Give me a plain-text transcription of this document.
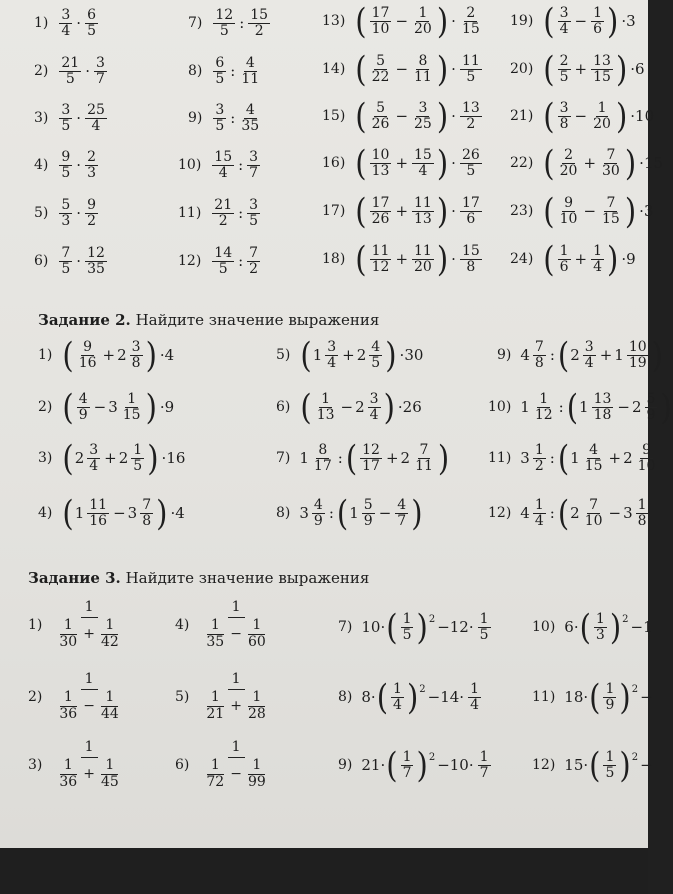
$1) \frac{3}{4} \cdot \frac{6}{5}$
$2) \frac{21}{5} \cdot \frac{3}{7}$
$3) \frac{3}{5} \cdot \frac{25}{4}$
$4) \frac{9}{5} \cdot \frac{2}{3}$
$5) \frac{5}{3} \cdot \frac{9}{2}$
$6) \frac{7}{5} \cdot \frac{12}{35}$
$7) \frac{12}{5}$ : $\frac{15}{2}$
$8) \frac{6}{5}$ : $\frac{4}{11}$
$9) \frac{3}{5}$ : $\frac{4}{35}$
$10) \frac{15}{4}$ : $\frac{3}{7}$
$11) \frac{21}{2}$ : $\frac{3}{5}$
$12) \frac{14}{5}$ : $\frac{7}{2}$
13) ( $\frac{17}{10} - \frac{1}{20}$ ) · $\frac{2}{15}$
14) ( $\frac{5}{22} - \frac{8}{11}$ ) · $\frac{11}{5}$
15) ( $\frac{5}{26} - \frac{3}{25}$ ) · $\frac{13}{2}$
16) ( $\frac{10}{13} + \frac{15}{4}$ ) · $\frac{26}{5}$
17) ( $\frac{17}{26} + \frac{11}{13}$ ) · $\frac{17}{6}$
18) ( $\frac{11}{12} + \frac{11}{20}$ ) · $\frac{15}{8}$
19) ( $\frac{3}{4} - \frac{1}{6}$ ) ·3
20) ( $\frac{2}{5} + \frac{13}{15}$ ) ·6
21) ( $\frac{3}{8} - \frac{1}{20}$ ) ·10
22) ( $\frac{2}{20} + \frac{7}{30}$ ) ·15
23) ( $\frac{9}{10} - \frac{7}{15}$ ) ·3
24) ( $\frac{1}{6} + \frac{1}{4}$ ) ·9
Задание 2. Найдите значение выражения
1) ( $\frac{9}{16} + 2 \frac{3}{8}$ ) ·4
2) ( $\frac{4}{9} - 3 \frac{1}{15}$ ) ·9
3) ( $2 \frac{3}{4} + 2 \frac{1}{5}$ ) ·16
4) ( $1 \frac{11}{16} - 3 \frac{7}{8}$ ) ·4
5) ( $1 \frac{3}{4} + 2 \frac{4}{5}$ ) ·30
6) ( $\frac{1}{13} - 2 \frac{3}{4}$ ) ·26
7) $1 \frac{8}{17}$ : ( $\frac{12}{17} + 2 \frac{7}{11}$ )
8) $3 \frac{4}{9}$ : ( $1 \frac{5}{9} - \frac{4}{7}$ )
9) $4 \frac{7}{8}$ : ( $2 \frac{3}{4} + 1 \frac{10}{19}$ )
10) $1 \frac{1}{12}$ : ( $1 \frac{13}{18} - 2 \frac{5}{9}$ )
11) $3 \frac{1}{2}$ : ( $1 \frac{4}{15} + 2 \frac{9}{10}$
12) $4 \frac{1}{4}$ : ( $2 \frac{7}{10} - 3 \frac{1}{8}$
Задание 3. Найдите значение выражения
$1) \frac{1}{\frac{1}{30} + \frac{1}{42}}$
$2) \frac{1}{\frac{1}{36} - \frac{1}{44}}$
$3) \frac{1}{\frac{1}{36} + \frac{1}{45}}$
$4) \frac{1}{\frac{1}{35} - \frac{1}{60}}$
$5) \frac{1}{\frac{1}{21} + \frac{1}{28}}$
$6) \frac{1}{\frac{1}{72} - \frac{1}{99}}$
7) 10· ( $\frac{1}{5}$ ) $2 -12\cdot \frac{1}{5}$
8) 8· ( $\frac{1}{4}$ ) $2 -14\cdot \frac{1}{4}$
9) 21· ( $\frac{1}{7}$ ) $2 -10\cdot \frac{1}{7}$
10) 6· ( $\frac{1}{3}$ ) 2 −1
11) 18· ( $\frac{1}{9}$ ) 2 −
12) 15· ( $\frac{1}{5}$ ) 2 −
